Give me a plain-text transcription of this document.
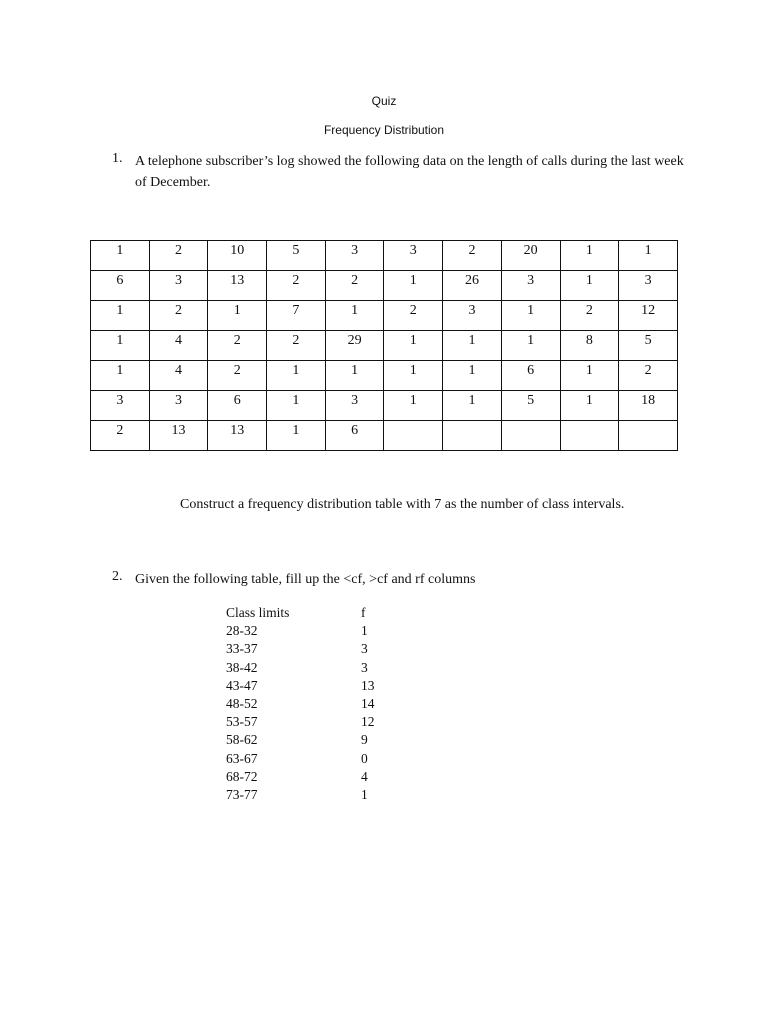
Quiz
Frequency Distribution
1. A telephone subscriber’s log showed the following data on the length of calls during the last week of December.
1	2	10	5	3	3	2	20	1	1
6	3	13	2	2	1	26	3	1	3
1	2	1	7	1	2	3	1	2	12
1	4	2	2	29	1	1	1	8	5
1	4	2	1	1	1	1	6	1	2
3	3	6	1	3	1	1	5	1	18
2	13	13	1	6					
Construct a frequency distribution table with 7 as the number of class intervals.
2. Given the following table, fill up the <cf, >cf and rf columns
Class limits	f
28-32	1
33-37	3
38-42	3
43-47	13
48-52	14
53-57	12
58-62	9
63-67	0
68-72	4
73-77	1
